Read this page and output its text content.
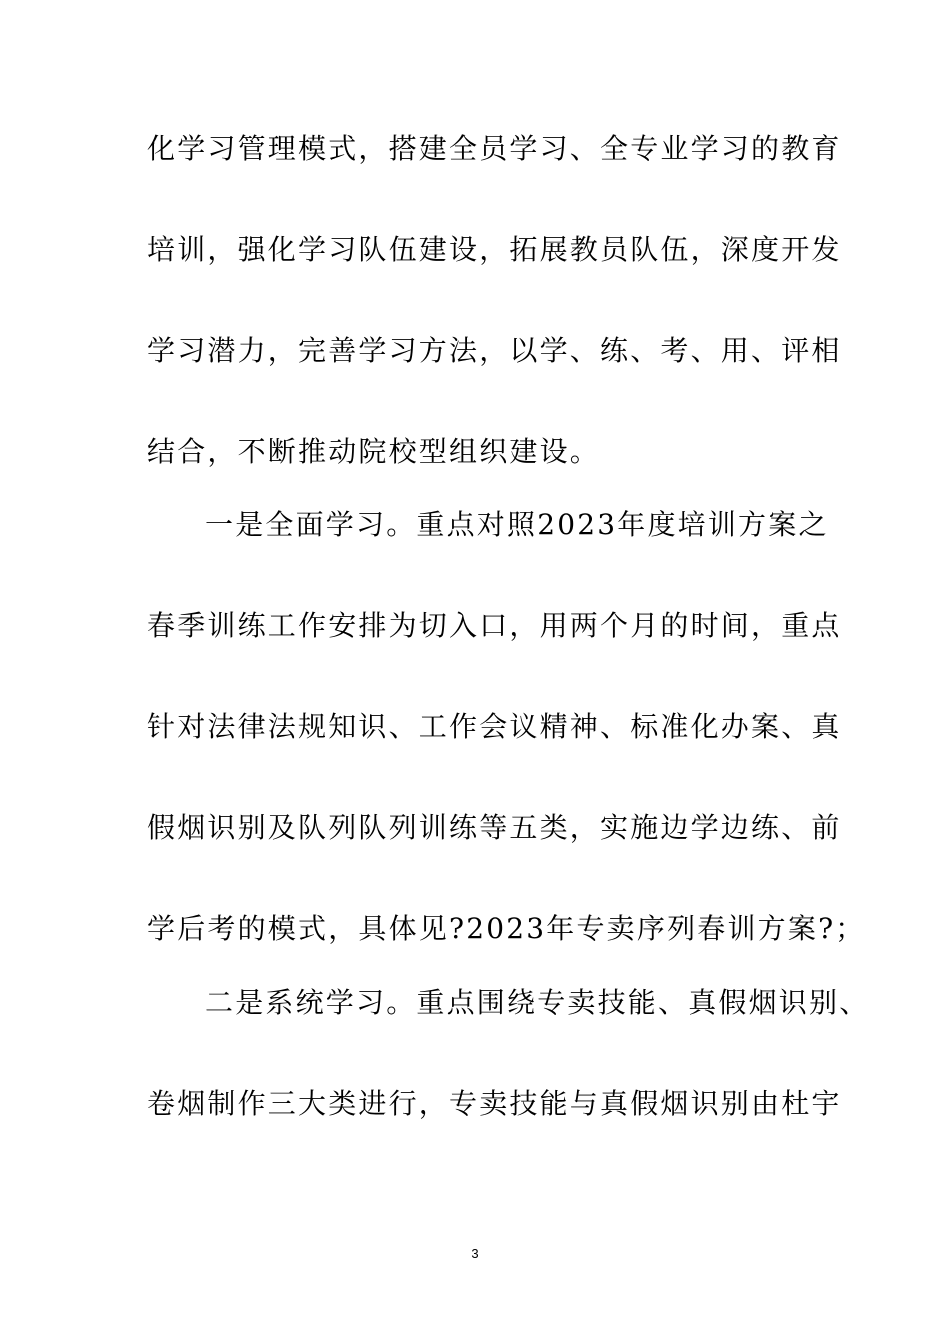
化学习管理模式，搭建全员学习、全专业学习的教育
培训，强化学习队伍建设，拓展教员队伍，深度开发
学习潜力，完善学习方法，以学、练、考、用、评相
结合，不断推动院校型组织建设。
一是全面学习。重点对照2023年度培训方案之
春季训练工作安排为切入口，用两个月的时间，重点
针对法律法规知识、工作会议精神、标准化办案、真
假烟识别及队列队列训练等五类，实施边学边练、前
学后考的模式，具体见?2023年专卖序列春训方案?；
二是系统学习。重点围绕专卖技能、真假烟识别、
卷烟制作三大类进行，专卖技能与真假烟识别由杜宇
3
